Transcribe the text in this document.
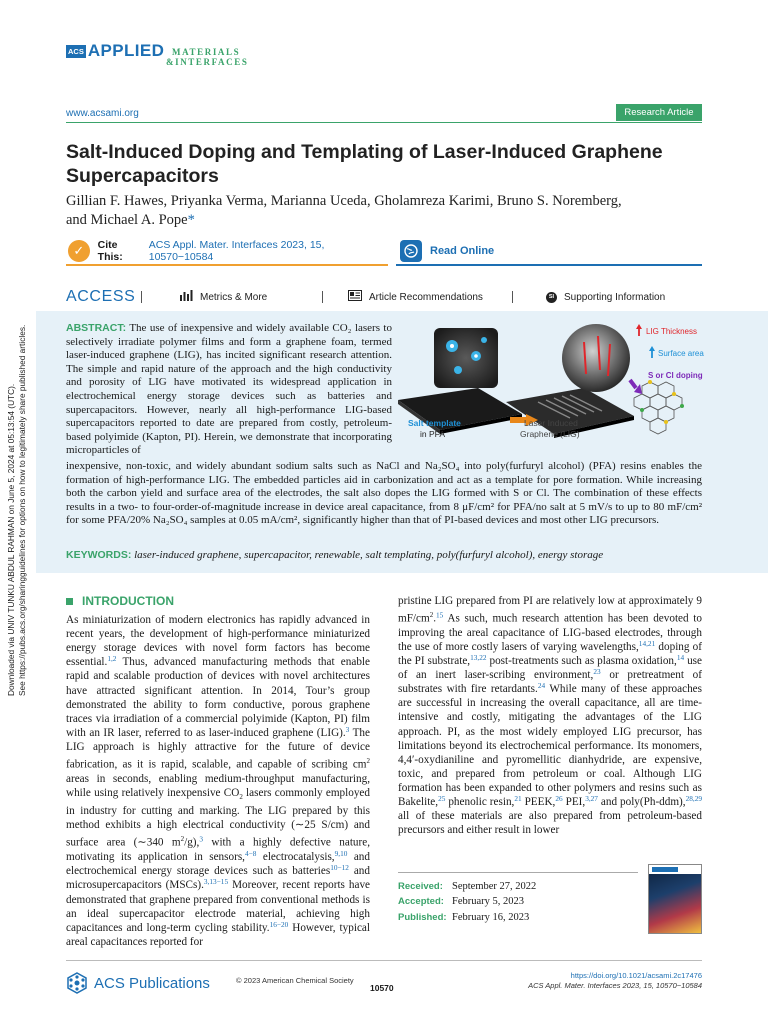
Downloaded via UNIV TUNKU ABDUL RAHMAN on June 5, 2024 at 05:13:54 (UTC). See https://pubs.acs.org/sharingguidelines for options on how to legitimately share published articles.
ACS APPLIED MATERIALS
&INTERFACES
www.acsami.org	Research Article
Salt-Induced Doping and Templating of Laser-Induced Graphene Supercapacitors
Gillian F. Hawes, Priyanka Verma, Marianna Uceda, Gholamreza Karimi, Bruno S. Noremberg,
and Michael A. Pope*
✓	Cite This:
ACS Appl. Mater. Interfaces 2023, 15, 10570−10584	Read Online
ACCESS	Metrics & More	Article Recommendations	SI Supporting Information
ABSTRACT: The use of inexpensive and widely available CO₂ lasers to selectively irradiate polymer films and form a graphene foam, termed laser-induced graphene (LIG), has incited significant research attention. The simple and rapid nature of the approach and the high conductivity and porosity of LIG have motivated its widespread application in electrochemical energy storage devices such as batteries and supercapacitors. However, nearly all high-performance LIG-based supercapacitors reported to date are prepared from costly, petroleum-based polyimide (Kapton, PI). Herein, we demonstrate that incorporating microparticles of
LIG Thickness
Surface area
S or Cl doping
Salt template
in PFA
Laser Induced
Graphene (LIG)
inexpensive, non-toxic, and widely abundant sodium salts such as NaCl and Na₂SO₄ into poly(furfuryl alcohol) (PFA) resins enables the formation of high-performance LIG. The embedded particles aid in carbonization and act as a template for pore formation. While increasing both the carbon yield and surface area of the electrodes, the salt also dopes the LIG formed with S or Cl. The combination of these effects results in a two- to four-order-of-magnitude increase in device areal capacitance, from 8 μF/cm² for PFA/no salt at 5 mV/s to up to 80 mF/cm² for some PFA/20% Na₂SO₄ samples at 0.05 mA/cm², significantly higher than that of PI-based devices and most other LIG precursors.
KEYWORDS: laser-induced graphene, supercapacitor, renewable, salt templating, poly(furfuryl alcohol), energy storage
INTRODUCTION

As miniaturization of modern electronics has rapidly advanced in recent years, the development of high-performance miniaturized energy storage devices with novel form factors has become essential.$^{1,2}$ Thus, advanced manufacturing methods that enable rapid and scalable production of devices with novel architectures have attracted significant attention. In 2014, Tour’s group demonstrated the ability to form conductive, porous graphene traces via irradiation of a commercial polyimide (Kapton, PI) film with an IR laser, referred to as laser-induced graphene (LIG).$^3$ The LIG approach is highly attractive for the future of device fabrication, as it is rapid, scalable, and capable of scribing $cm^2$ areas in seconds, enabling medium-throughput manufacturing, while using relatively inexpensive $CO_2$ lasers commonly employed in industry for cutting and marking. The LIG prepared by this method exhibits a high electrical conductivity (∼25 S/cm) and surface area (∼340 $m^2/g),^3$ with a highly defective nature, motivating its application in sensors,$^{4-8}$ electrocatalysis,$^{9,10}$ and electrochemical energy storage devices such as batteries$^{10-12}$ and microsupercapacitors (MSCs).$^{3,13-15}$ Moreover, recent reports have demonstrated that graphene prepared from conventional methods is an ideal supercapacitor electrode material, achieving high capacitances and long-term cycling stability.$^{16-20}$ However, typical areal capacitances reported for

pristine LIG prepared from PI are relatively low at approximately 9 $mF/cm^2.^{15}$ As such, much research attention has been devoted to improving the areal capacitance of LIG-based electrodes, through the use of more costly lasers of varying wavelengths,$^{14,21}$ doping of the PI substrate,$^{13,22}$ post-treatments such as plasma oxidation,$^{14}$ use of an inert laser-scribing environment,$^{23}$ or pretreatment of substrates with fire retardants.$^{24}$ While many of these approaches are successful in increasing the overall capacitance, all are time-intensive and costly, mitigating the advantages of the LIG approach. PI, as the most widely employed LIG precursor, has limitations beyond its electrochemical performance. Its monomers, 4,4′-oxydianiline and pyromellitic dianhydride, are expensive, toxic, and prepared from petroleum or coal. Although LIG formation has been expanded to other polymers and resins such as Bakelite,$^{25}$ phenolic resin,$^{21}$ PEEK,$^{26}$ PEI,$^{3,27}$ and poly(Ph-ddm),$^{28,29}$ all of these materials are also prepared from petroleum-based precursors and either result in lower

Received: September 27, 2022
Accepted: February 5, 2023
Published: February 16, 2023
ACS Publications	© 2023 American Chemical Society
10570
https://doi.org/10.1021/acsami.2c17476
ACS Appl. Mater. Interfaces 2023, 15, 10570−10584
